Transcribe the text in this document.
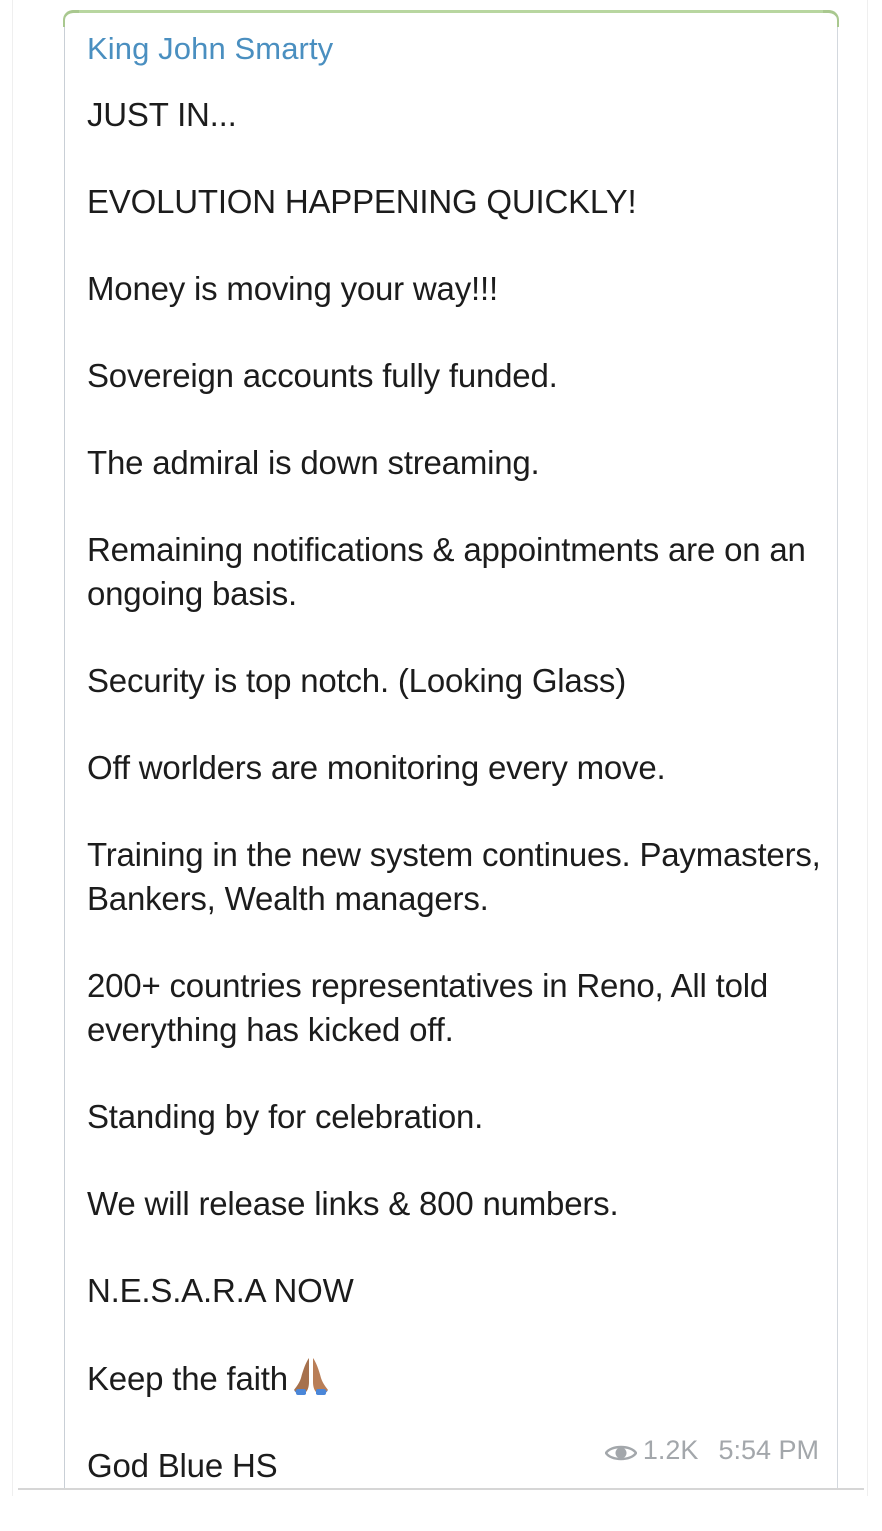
King John Smarty

JUST IN...

EVOLUTION HAPPENING QUICKLY!

Money is moving your way!!!

Sovereign accounts fully funded.

The admiral is down streaming.

Remaining notifications & appointments are on an ongoing basis.

Security is top notch. (Looking Glass)

Off worlders are monitoring every move.

Training in the new system continues. Paymasters, Bankers, Wealth managers.

200+ countries representatives in Reno, All told everything has kicked off.

Standing by for celebration.

We will release links & 800 numbers.

N.E.S.A.R.A NOW

Keep the faith

God Blue HS	1.2K 5:54 PM
